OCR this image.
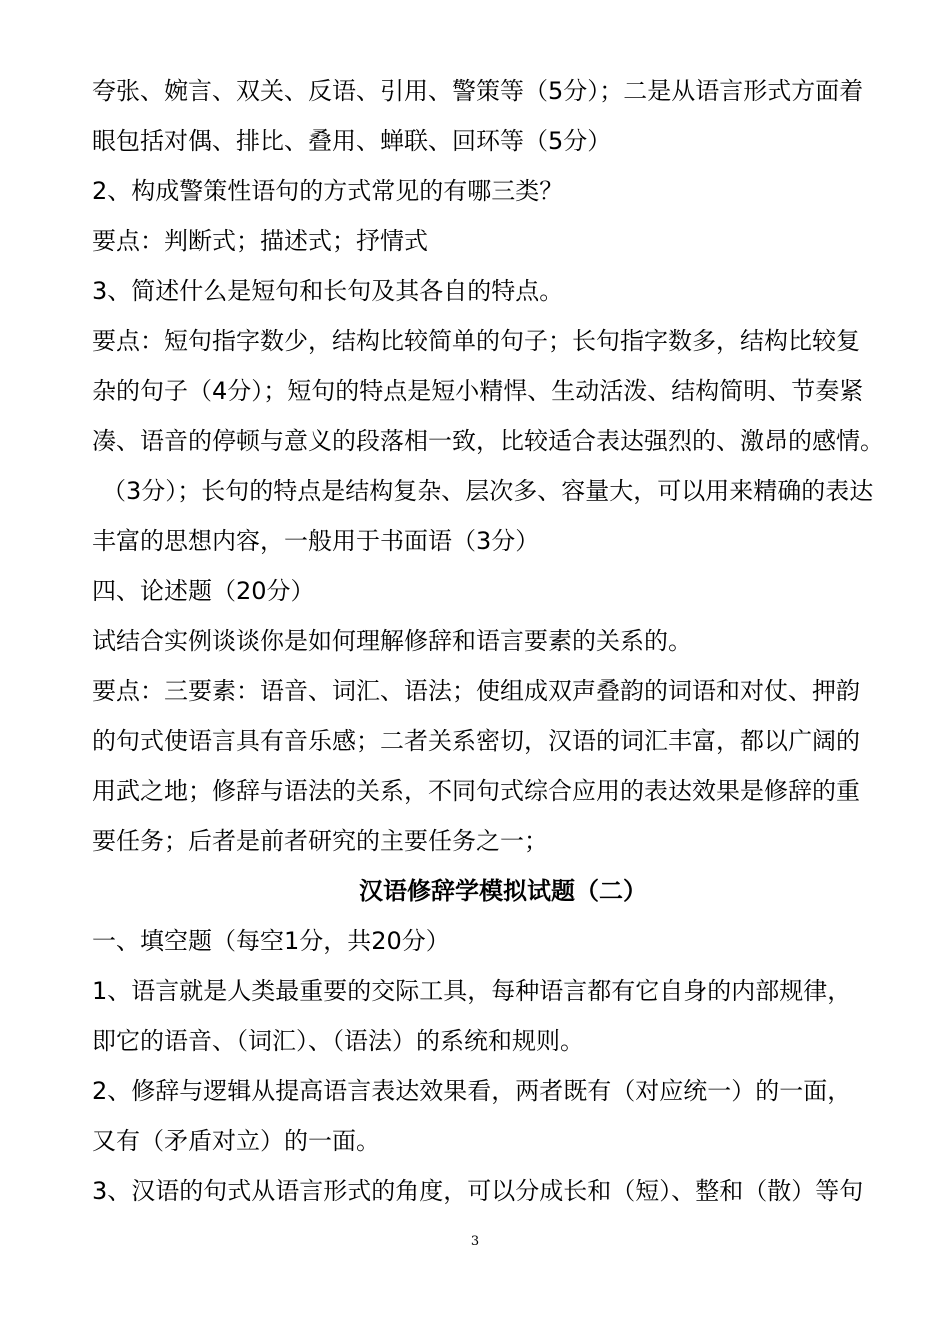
夸张、婉言、双关、反语、引用、警策等（5分）；二是从语言形式方面着
眼包括对偶、排比、叠用、蝉联、回环等（5分）
2、构成警策性语句的方式常见的有哪三类？
要点：判断式；描述式；抒情式
3、简述什么是短句和长句及其各自的特点。
要点：短句指字数少，结构比较简单的句子；长句指字数多，结构比较复
杂的句子（4分）；短句的特点是短小精悍、生动活泼、结构简明、节奏紧
凑、语音的停顿与意义的段落相一致，比较适合表达强烈的、激昂的感情。
（3分）；长句的特点是结构复杂、层次多、容量大，可以用来精确的表达
丰富的思想内容，一般用于书面语（3分）
四、论述题（20分）
试结合实例谈谈你是如何理解修辞和语言要素的关系的。
要点：三要素：语音、词汇、语法；使组成双声叠韵的词语和对仗、押韵
的句式使语言具有音乐感；二者关系密切，汉语的词汇丰富，都以广阔的
用武之地；修辞与语法的关系，不同句式综合应用的表达效果是修辞的重
要任务；后者是前者研究的主要任务之一；
汉语修辞学模拟试题（二）
一、填空题（每空1分，共20分）
1、语言就是人类最重要的交际工具，每种语言都有它自身的内部规律，
即它的语音、（词汇）、（语法）的系统和规则。
2、修辞与逻辑从提高语言表达效果看，两者既有（对应统一）的一面，
又有（矛盾对立）的一面。
3、汉语的句式从语言形式的角度，可以分成长和（短）、整和（散）等句
3
